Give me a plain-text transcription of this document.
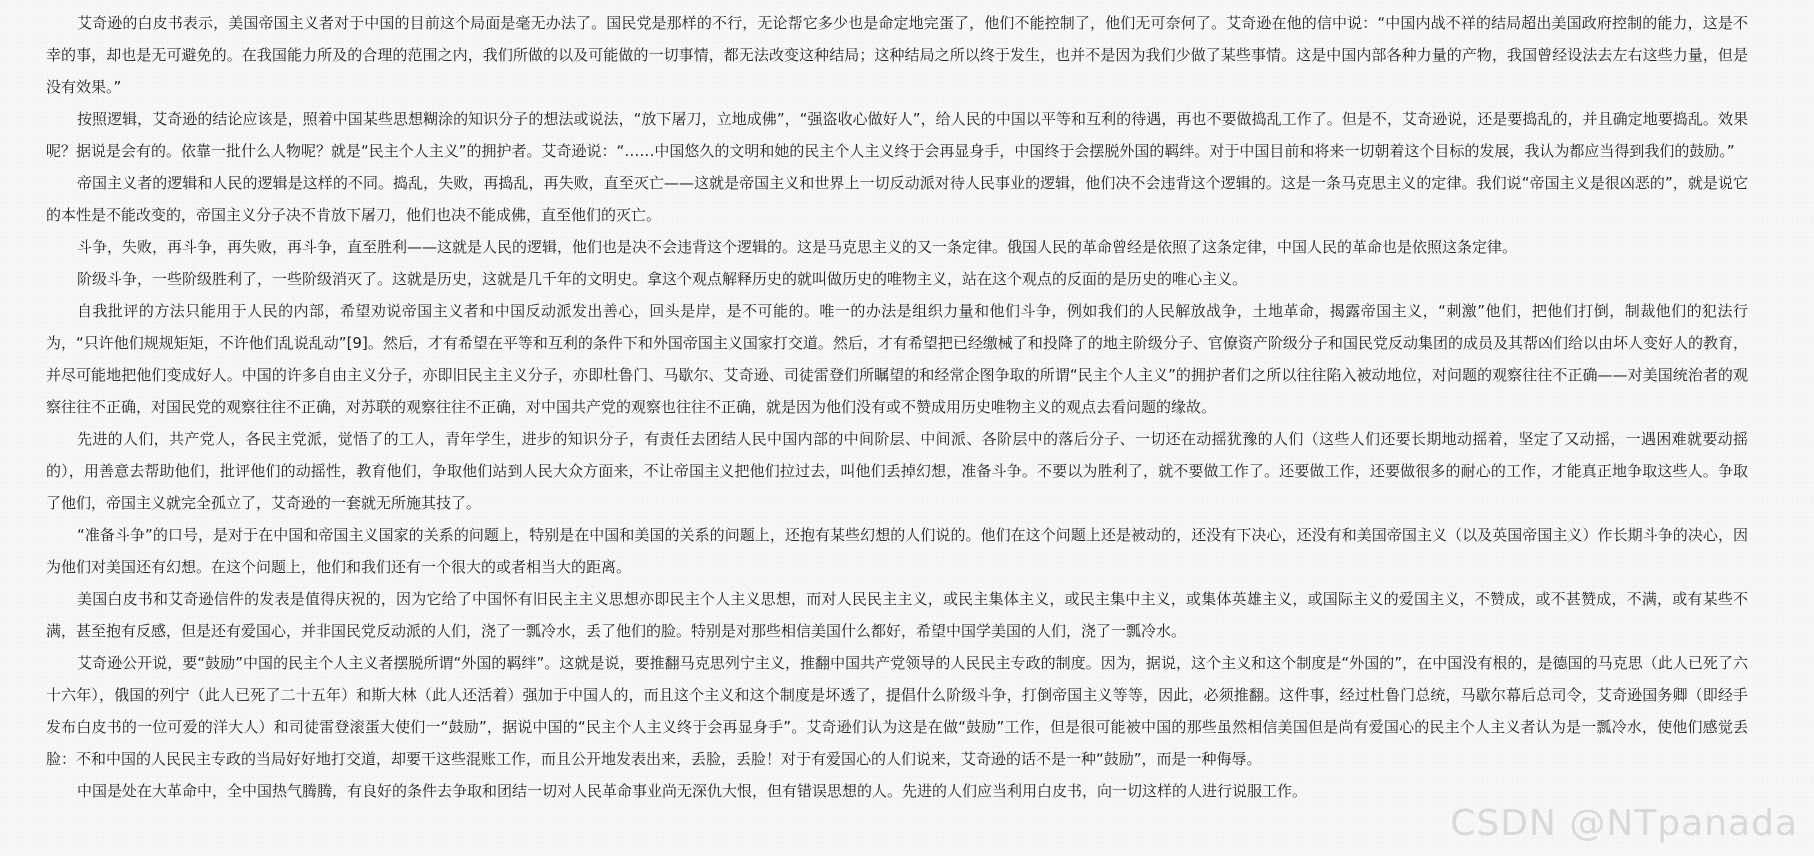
艾奇逊的白皮书表示，美国帝国主义者对于中国的目前这个局面是毫无办法了。国民党是那样的不行，无论帮它多少也是命定地完蛋了，他们不能控制了，他们无可奈何了。艾奇逊在他的信中说：“中国内战不祥的结局超出美国政府控制的能力，这是不幸的事，却也是无可避免的。在我国能力所及的合理的范围之内，我们所做的以及可能做的一切事情，都无法改变这种结局；这种结局之所以终于发生，也并不是因为我们少做了某些事情。这是中国内部各种力量的产物，我国曾经设法去左右这些力量，但是没有效果。”

按照逻辑，艾奇逊的结论应该是，照着中国某些思想糊涂的知识分子的想法或说法，“放下屠刀，立地成佛”，“强盗收心做好人”，给人民的中国以平等和互利的待遇，再也不要做捣乱工作了。但是不，艾奇逊说，还是要捣乱的，并且确定地要捣乱。效果呢？据说是会有的。依靠一批什么人物呢？就是“民主个人主义”的拥护者。艾奇逊说：“……中国悠久的文明和她的民主个人主义终于会再显身手，中国终于会摆脱外国的羁绊。对于中国目前和将来一切朝着这个目标的发展，我认为都应当得到我们的鼓励。”

帝国主义者的逻辑和人民的逻辑是这样的不同。捣乱，失败，再捣乱，再失败，直至灭亡——这就是帝国主义和世界上一切反动派对待人民事业的逻辑，他们决不会违背这个逻辑的。这是一条马克思主义的定律。我们说“帝国主义是很凶恶的”，就是说它的本性是不能改变的，帝国主义分子决不肯放下屠刀，他们也决不能成佛，直至他们的灭亡。

斗争，失败，再斗争，再失败，再斗争，直至胜利——这就是人民的逻辑，他们也是决不会违背这个逻辑的。这是马克思主义的又一条定律。俄国人民的革命曾经是依照了这条定律，中国人民的革命也是依照这条定律。

阶级斗争，一些阶级胜利了，一些阶级消灭了。这就是历史，这就是几千年的文明史。拿这个观点解释历史的就叫做历史的唯物主义，站在这个观点的反面的是历史的唯心主义。

自我批评的方法只能用于人民的内部，希望劝说帝国主义者和中国反动派发出善心，回头是岸，是不可能的。唯一的办法是组织力量和他们斗争，例如我们的人民解放战争，土地革命，揭露帝国主义，“刺激”他们，把他们打倒，制裁他们的犯法行为，“只许他们规规矩矩，不许他们乱说乱动”[9]。然后，才有希望在平等和互利的条件下和外国帝国主义国家打交道。然后，才有希望把已经缴械了和投降了的地主阶级分子、官僚资产阶级分子和国民党反动集团的成员及其帮凶们给以由坏人变好人的教育，并尽可能地把他们变成好人。中国的许多自由主义分子，亦即旧民主主义分子，亦即杜鲁门、马歇尔、艾奇逊、司徒雷登们所瞩望的和经常企图争取的所谓“民主个人主义”的拥护者们之所以往往陷入被动地位，对问题的观察往往不正确——对美国统治者的观察往往不正确，对国民党的观察往往不正确，对苏联的观察往往不正确，对中国共产党的观察也往往不正确，就是因为他们没有或不赞成用历史唯物主义的观点去看问题的缘故。

先进的人们，共产党人，各民主党派，觉悟了的工人，青年学生，进步的知识分子，有责任去团结人民中国内部的中间阶层、中间派、各阶层中的落后分子、一切还在动摇犹豫的人们（这些人们还要长期地动摇着，坚定了又动摇，一遇困难就要动摇的），用善意去帮助他们，批评他们的动摇性，教育他们，争取他们站到人民大众方面来，不让帝国主义把他们拉过去，叫他们丢掉幻想，准备斗争。不要以为胜利了，就不要做工作了。还要做工作，还要做很多的耐心的工作，才能真正地争取这些人。争取了他们，帝国主义就完全孤立了，艾奇逊的一套就无所施其技了。

“准备斗争”的口号，是对于在中国和帝国主义国家的关系的问题上，特别是在中国和美国的关系的问题上，还抱有某些幻想的人们说的。他们在这个问题上还是被动的，还没有下决心，还没有和美国帝国主义（以及英国帝国主义）作长期斗争的决心，因为他们对美国还有幻想。在这个问题上，他们和我们还有一个很大的或者相当大的距离。

美国白皮书和艾奇逊信件的发表是值得庆祝的，因为它给了中国怀有旧民主主义思想亦即民主个人主义思想，而对人民民主主义，或民主集体主义，或民主集中主义，或集体英雄主义，或国际主义的爱国主义，不赞成，或不甚赞成，不满，或有某些不满，甚至抱有反感，但是还有爱国心，并非国民党反动派的人们，浇了一瓢冷水，丢了他们的脸。特别是对那些相信美国什么都好，希望中国学美国的人们，浇了一瓢冷水。

艾奇逊公开说，要“鼓励”中国的民主个人主义者摆脱所谓“外国的羁绊”。这就是说，要推翻马克思列宁主义，推翻中国共产党领导的人民民主专政的制度。因为，据说，这个主义和这个制度是“外国的”，在中国没有根的，是德国的马克思（此人已死了六十六年），俄国的列宁（此人已死了二十五年）和斯大林（此人还活着）强加于中国人的，而且这个主义和这个制度是坏透了，提倡什么阶级斗争，打倒帝国主义等等，因此，必须推翻。这件事，经过杜鲁门总统，马歇尔幕后总司令，艾奇逊国务卿（即经手发布白皮书的一位可爱的洋大人）和司徒雷登滚蛋大使们一“鼓励”，据说中国的“民主个人主义终于会再显身手”。艾奇逊们认为这是在做“鼓励”工作，但是很可能被中国的那些虽然相信美国但是尚有爱国心的民主个人主义者认为是一瓢冷水，使他们感觉丢脸：不和中国的人民民主专政的当局好好地打交道，却要干这些混账工作，而且公开地发表出来，丢脸，丢脸！对于有爱国心的人们说来，艾奇逊的话不是一种“鼓励”，而是一种侮辱。

中国是处在大革命中，全中国热气腾腾，有良好的条件去争取和团结一切对人民革命事业尚无深仇大恨，但有错误思想的人。先进的人们应当利用白皮书，向一切这样的人进行说服工作。

CSDN @NTpanada
